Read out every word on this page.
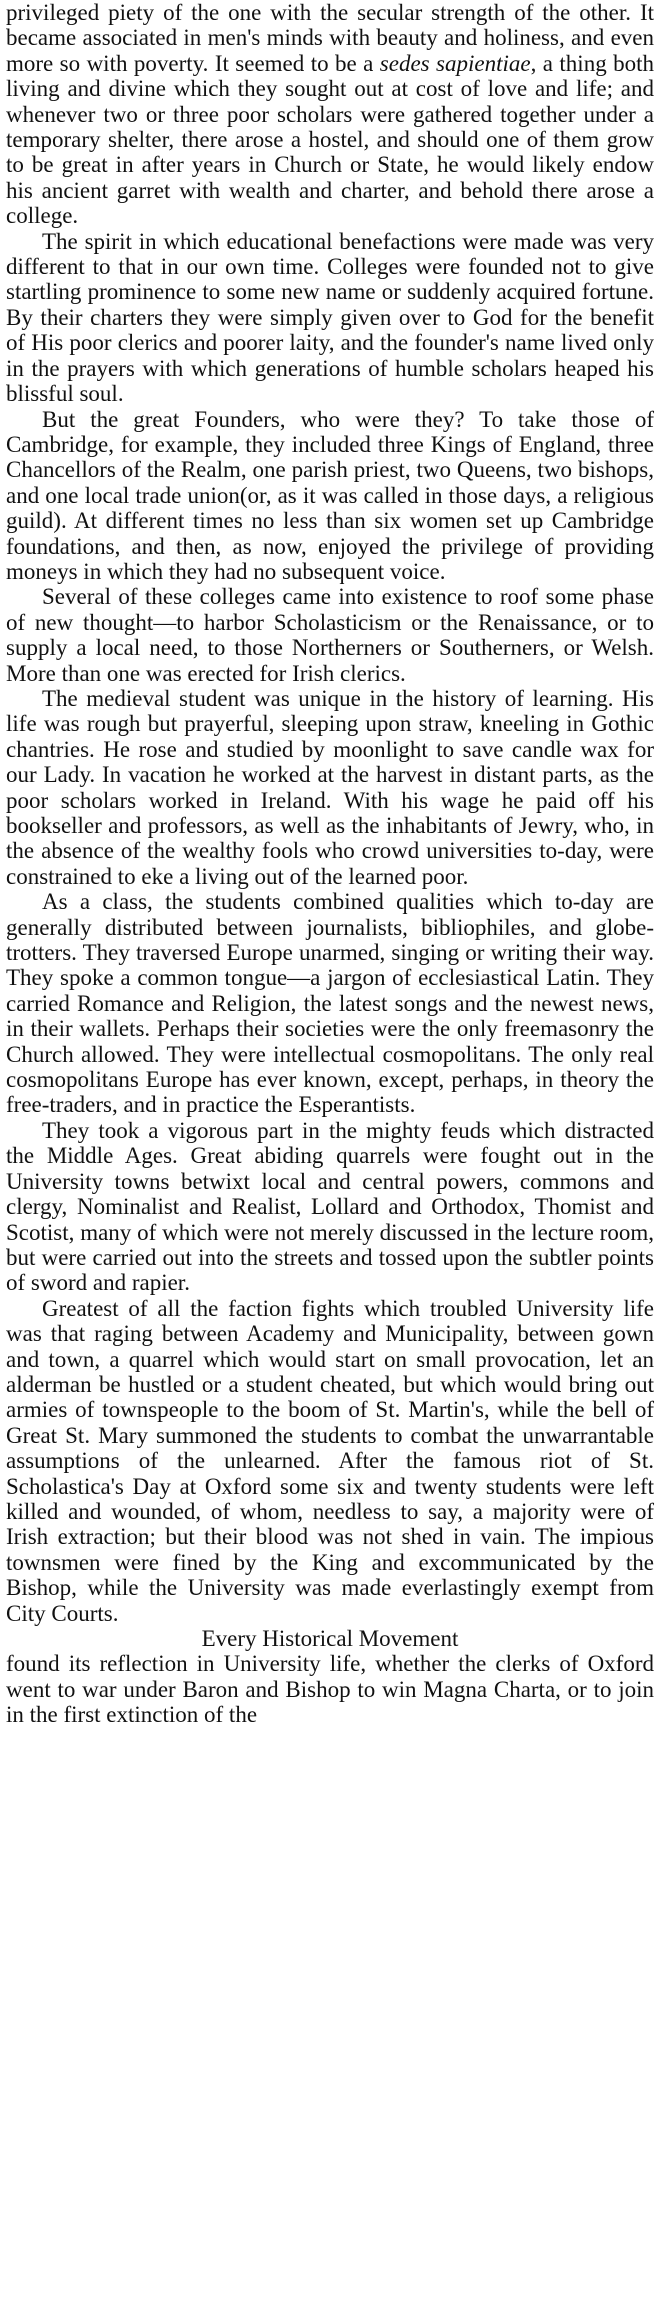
privileged piety of the one with the secular strength of the other. It became associated in men's minds with beauty and holiness, and even more so with poverty. It seemed to be a sedes sapientiae, a thing both living and divine which they sought out at cost of love and life; and whenever two or three poor scholars were gathered together under a temporary shelter, there arose a hostel, and should one of them grow to be great in after years in Church or State, he would likely endow his ancient garret with wealth and charter, and behold there arose a college.

The spirit in which educational benefactions were made was very different to that in our own time. Colleges were founded not to give startling prominence to some new name or suddenly acquired fortune. By their charters they were simply given over to God for the benefit of His poor clerics and poorer laity, and the founder's name lived only in the prayers with which generations of humble scholars heaped his blissful soul.

But the great Founders, who were they? To take those of Cambridge, for example, they included three Kings of England, three Chancellors of the Realm, one parish priest, two Queens, two bishops, and one local trade union(or, as it was called in those days, a religious guild). At different times no less than six women set up Cambridge foundations, and then, as now, enjoyed the privilege of providing moneys in which they had no subsequent voice.

Several of these colleges came into existence to roof some phase of new thought—to harbor Scholasticism or the Renaissance, or to supply a local need, to those Northerners or Southerners, or Welsh. More than one was erected for Irish clerics.

The medieval student was unique in the history of learning. His life was rough but prayerful, sleeping upon straw, kneeling in Gothic chantries. He rose and studied by moonlight to save candle wax for our Lady. In vacation he worked at the harvest in distant parts, as the poor scholars worked in Ireland. With his wage he paid off his bookseller and professors, as well as the inhabitants of Jewry, who, in the absence of the wealthy fools who crowd universities to-day, were constrained to eke a living out of the learned poor.

As a class, the students combined qualities which to-day are generally distributed between journalists, bibliophiles, and globe-trotters. They traversed Europe unarmed, singing or writing their way. They spoke a common tongue—a jargon of ecclesiastical Latin. They carried Romance and Religion, the latest songs and the newest news, in their wallets. Perhaps their societies were the only freemasonry the Church allowed. They were intellectual cosmopolitans. The only real cosmopolitans Europe has ever known, except, perhaps, in theory the free-traders, and in practice the Esperantists.

They took a vigorous part in the mighty feuds which distracted the Middle Ages. Great abiding quarrels were fought out in the University towns betwixt local and central powers, commons and clergy, Nominalist and Realist, Lollard and Orthodox, Thomist and Scotist, many of which were not merely discussed in the lecture room, but were carried out into the streets and tossed upon the subtler points of sword and rapier.

Greatest of all the faction fights which troubled University life was that raging between Academy and Municipality, between gown and town, a quarrel which would start on small provocation, let an alderman be hustled or a student cheated, but which would bring out armies of townspeople to the boom of St. Martin's, while the bell of Great St. Mary summoned the students to combat the unwarrantable assumptions of the unlearned. After the famous riot of St. Scholastica's Day at Oxford some six and twenty students were left killed and wounded, of whom, needless to say, a majority were of Irish extraction; but their blood was not shed in vain. The impious townsmen were fined by the King and excommunicated by the Bishop, while the University was made everlastingly exempt from City Courts.

Every Historical Movement

found its reflection in University life, whether the clerks of Oxford went to war under Baron and Bishop to win Magna Charta, or to join in the first extinction of the
